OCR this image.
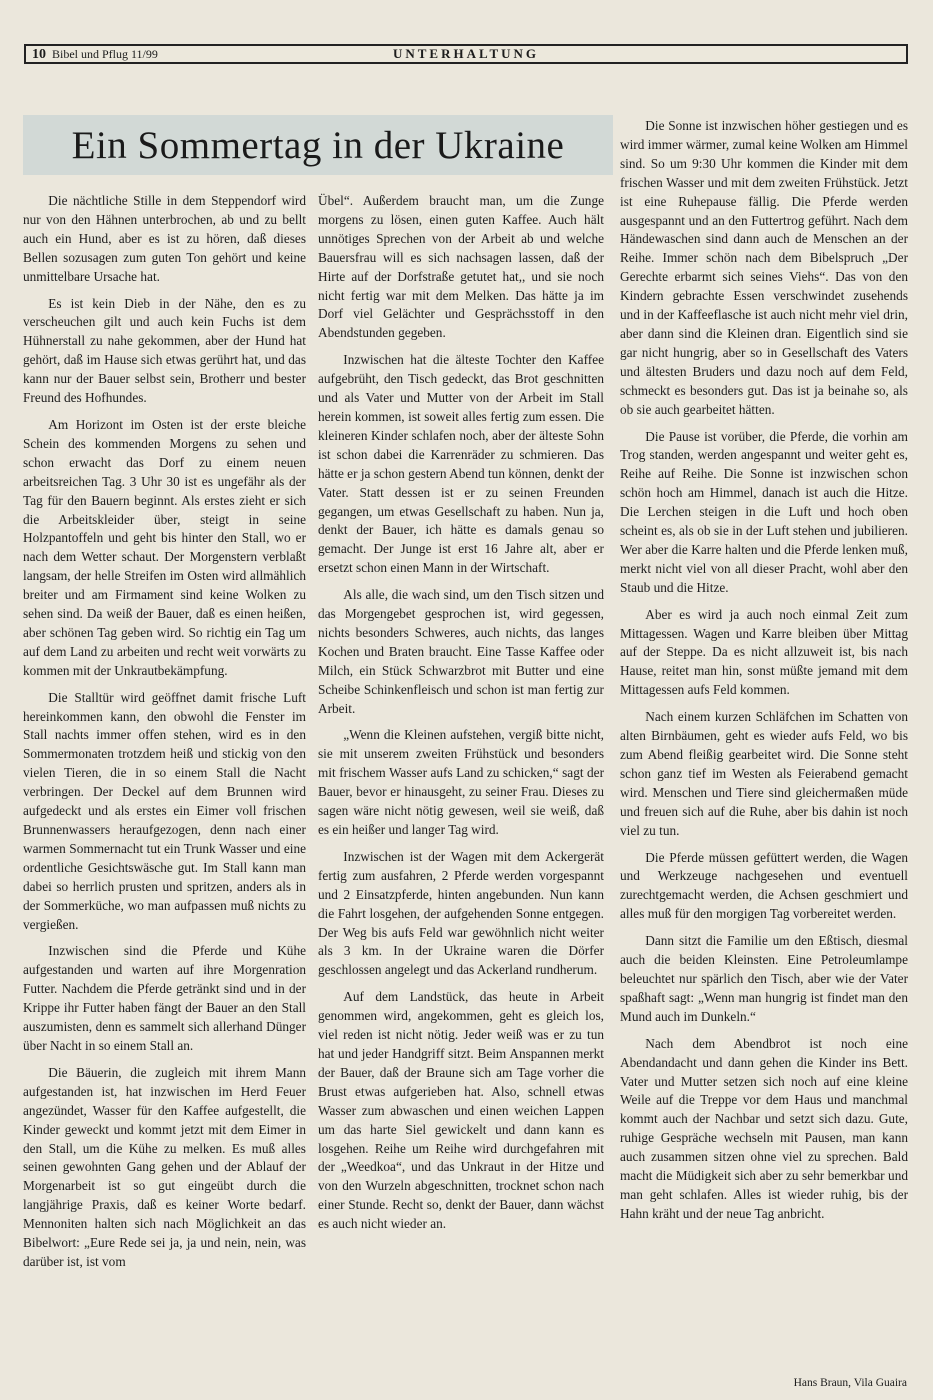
10 Bibel und Pflug 11/99	UNTERHALTUNG
Ein Sommertag in der Ukraine

Die nächtliche Stille in dem Steppendorf wird nur von den Hähnen unterbrochen, ab und zu bellt auch ein Hund, aber es ist zu hören, daß dieses Bellen sozusagen zum guten Ton gehört und keine unmittelbare Ursache hat.

Es ist kein Dieb in der Nähe, den es zu verscheuchen gilt und auch kein Fuchs ist dem Hühnerstall zu nahe gekommen, aber der Hund hat gehört, daß im Hause sich etwas gerührt hat, und das kann nur der Bauer selbst sein, Brotherr und bester Freund des Hofhundes.

Am Horizont im Osten ist der erste bleiche Schein des kommenden Morgens zu sehen und schon erwacht das Dorf zu einem neuen arbeitsreichen Tag. 3 Uhr 30 ist es ungefähr als der Tag für den Bauern beginnt. Als erstes zieht er sich die Arbeitskleider über, steigt in seine Holzpantoffeln und geht bis hinter den Stall, wo er nach dem Wetter schaut. Der Morgenstern verblaßt langsam, der helle Streifen im Osten wird allmählich breiter und am Firmament sind keine Wolken zu sehen sind. Da weiß der Bauer, daß es einen heißen, aber schönen Tag geben wird. So richtig ein Tag um auf dem Land zu arbeiten und recht weit vorwärts zu kommen mit der Unkrautbekämpfung.

Die Stalltür wird geöffnet damit frische Luft hereinkommen kann, den obwohl die Fenster im Stall nachts immer offen stehen, wird es in den Sommermonaten trotzdem heiß und stickig von den vielen Tieren, die in so einem Stall die Nacht verbringen. Der Deckel auf dem Brunnen wird aufgedeckt und als erstes ein Eimer voll frischen Brunnenwassers heraufgezogen, denn nach einer warmen Sommernacht tut ein Trunk Wasser und eine ordentliche Gesichtswäsche gut. Im Stall kann man dabei so herrlich prusten und spritzen, anders als in der Sommerküche, wo man aufpassen muß nichts zu vergießen.

Inzwischen sind die Pferde und Kühe aufgestanden und warten auf ihre Morgenration Futter. Nachdem die Pferde getränkt sind und in der Krippe ihr Futter haben fängt der Bauer an den Stall auszumisten, denn es sammelt sich allerhand Dünger über Nacht in so einem Stall an.

Die Bäuerin, die zugleich mit ihrem Mann aufgestanden ist, hat inzwischen im Herd Feuer angezündet, Wasser für den Kaffee aufgestellt, die Kinder geweckt und kommt jetzt mit dem Eimer in den Stall, um die Kühe zu melken. Es muß alles seinen gewohnten Gang gehen und der Ablauf der Morgenarbeit ist so gut eingeübt durch die langjährige Praxis, daß es keiner Worte bedarf. Mennoniten halten sich nach Möglichkeit an das Bibelwort: „Eure Rede sei ja, ja und nein, nein, was darüber ist, ist vom

Übel“. Außerdem braucht man, um die Zunge morgens zu lösen, einen guten Kaffee. Auch hält unnötiges Sprechen von der Arbeit ab und welche Bauersfrau will es sich nachsagen lassen, daß der Hirte auf der Dorfstraße getutet hat,, und sie noch nicht fertig war mit dem Melken. Das hätte ja im Dorf viel Gelächter und Gesprächsstoff in den Abendstunden gegeben.

Inzwischen hat die älteste Tochter den Kaffee aufgebrüht, den Tisch gedeckt, das Brot geschnitten und als Vater und Mutter von der Arbeit im Stall herein kommen, ist soweit alles fertig zum essen. Die kleineren Kinder schlafen noch, aber der älteste Sohn ist schon dabei die Karrenräder zu schmieren. Das hätte er ja schon gestern Abend tun können, denkt der Vater. Statt dessen ist er zu seinen Freunden gegangen, um etwas Gesellschaft zu haben. Nun ja, denkt der Bauer, ich hätte es damals genau so gemacht. Der Junge ist erst 16 Jahre alt, aber er ersetzt schon einen Mann in der Wirtschaft.

Als alle, die wach sind, um den Tisch sitzen und das Morgengebet gesprochen ist, wird gegessen, nichts besonders Schweres, auch nichts, das langes Kochen und Braten braucht. Eine Tasse Kaffee oder Milch, ein Stück Schwarzbrot mit Butter und eine Scheibe Schinkenfleisch und schon ist man fertig zur Arbeit.

„Wenn die Kleinen aufstehen, vergiß bitte nicht, sie mit unserem zweiten Frühstück und besonders mit frischem Wasser aufs Land zu schicken,“ sagt der Bauer, bevor er hinausgeht, zu seiner Frau. Dieses zu sagen wäre nicht nötig gewesen, weil sie weiß, daß es ein heißer und langer Tag wird.

Inzwischen ist der Wagen mit dem Ackergerät fertig zum ausfahren, 2 Pferde werden vorgespannt und 2 Einsatzpferde, hinten angebunden. Nun kann die Fahrt losgehen, der aufgehenden Sonne entgegen. Der Weg bis aufs Feld war gewöhnlich nicht weiter als 3 km. In der Ukraine waren die Dörfer geschlossen angelegt und das Ackerland rundherum.

Auf dem Landstück, das heute in Arbeit genommen wird, angekommen, geht es gleich los, viel reden ist nicht nötig. Jeder weiß was er zu tun hat und jeder Handgriff sitzt. Beim Anspannen merkt der Bauer, daß der Braune sich am Tage vorher die Brust etwas aufgerieben hat. Also, schnell etwas Wasser zum abwaschen und einen weichen Lappen um das harte Siel gewickelt und dann kann es losgehen. Reihe um Reihe wird durchgefahren mit der „Weedkoa“, und das Unkraut in der Hitze und von den Wurzeln abgeschnitten, trocknet schon nach einer Stunde. Recht so, denkt der Bauer, dann wächst es auch nicht wieder an.

Die Sonne ist inzwischen höher gestiegen und es wird immer wärmer, zumal keine Wolken am Himmel sind. So um 9:30 Uhr kommen die Kinder mit dem frischen Wasser und mit dem zweiten Frühstück. Jetzt ist eine Ruhepause fällig. Die Pferde werden ausgespannt und an den Futtertrog geführt. Nach dem Händewaschen sind dann auch de Menschen an der Reihe. Immer schön nach dem Bibelspruch „Der Gerechte erbarmt sich seines Viehs“. Das von den Kindern gebrachte Essen verschwindet zusehends und in der Kaffeeflasche ist auch nicht mehr viel drin, aber dann sind die Kleinen dran. Eigentlich sind sie gar nicht hungrig, aber so in Gesellschaft des Vaters und ältesten Bruders und dazu noch auf dem Feld, schmeckt es besonders gut. Das ist ja beinahe so, als ob sie auch gearbeitet hätten.

Die Pause ist vorüber, die Pferde, die vorhin am Trog standen, werden angespannt und weiter geht es, Reihe auf Reihe. Die Sonne ist inzwischen schon schön hoch am Himmel, danach ist auch die Hitze. Die Lerchen steigen in die Luft und hoch oben scheint es, als ob sie in der Luft stehen und jubilieren. Wer aber die Karre halten und die Pferde lenken muß, merkt nicht viel von all dieser Pracht, wohl aber den Staub und die Hitze.

Aber es wird ja auch noch einmal Zeit zum Mittagessen. Wagen und Karre bleiben über Mittag auf der Steppe. Da es nicht allzuweit ist, bis nach Hause, reitet man hin, sonst müßte jemand mit dem Mittagessen aufs Feld kommen.

Nach einem kurzen Schläfchen im Schatten von alten Birnbäumen, geht es wieder aufs Feld, wo bis zum Abend fleißig gearbeitet wird. Die Sonne steht schon ganz tief im Westen als Feierabend gemacht wird. Menschen und Tiere sind gleichermaßen müde und freuen sich auf die Ruhe, aber bis dahin ist noch viel zu tun.

Die Pferde müssen gefüttert werden, die Wagen und Werkzeuge nachgesehen und eventuell zurechtgemacht werden, die Achsen geschmiert und alles muß für den morgigen Tag vorbereitet werden.

Dann sitzt die Familie um den Eßtisch, diesmal auch die beiden Kleinsten. Eine Petroleumlampe beleuchtet nur spärlich den Tisch, aber wie der Vater spaßhaft sagt: „Wenn man hungrig ist findet man den Mund auch im Dunkeln.“

Nach dem Abendbrot ist noch eine Abendandacht und dann gehen die Kinder ins Bett. Vater und Mutter setzen sich noch auf eine kleine Weile auf die Treppe vor dem Haus und manchmal kommt auch der Nachbar und setzt sich dazu. Gute, ruhige Gespräche wechseln mit Pausen, man kann auch zusammen sitzen ohne viel zu sprechen. Bald macht die Müdigkeit sich aber zu sehr bemerkbar und man geht schlafen. Alles ist wieder ruhig, bis der Hahn kräht und der neue Tag anbricht.

Hans Braun, Vila Guaira
